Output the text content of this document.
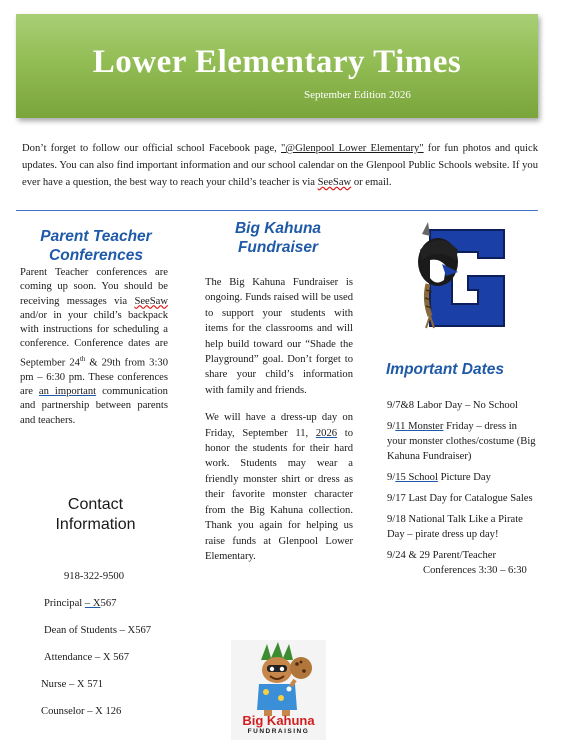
Lower Elementary Times
September Edition 2026
Don’t forget to follow our official school Facebook page, "@Glenpool Lower Elementary" for fun photos and quick updates. You can also find important information and our school calendar on the Glenpool Public Schools website. If you ever have a question, the best way to reach your child’s teacher is via SeeSaw or email.
Parent Teacher Conferences
Parent Teacher conferences are coming up soon. You should be receiving messages via SeeSaw and/or in your child’s backpack with instructions for scheduling a conference. Conference dates are September 24th & 29th from 3:30 pm – 6:30 pm. These conferences are an important communication and partnership between parents and teachers.
Contact Information
918-322-9500
Principal – X567
Dean of Students – X567
Attendance – X 567
Nurse – X 571
Counselor – X 126
Big Kahuna Fundraiser

The Big Kahuna Fundraiser is ongoing. Funds raised will be used to support your students with items for the classrooms and will help build toward our “Shade the Playground” goal. Don’t forget to share your child’s information with family and friends.

We will have a dress-up day on Friday, September 11, 2026 to honor the students for their hard work. Students may wear a friendly monster shirt or dress as their favorite monster character from the Big Kahuna collection. Thank you again for helping us raise funds at Glenpool Lower Elementary.

Big Kahuna
FUNDRAISING
Important Dates
9/7&8 Labor Day – No School
9/11 Monster Friday – dress in your monster clothes/costume (Big Kahuna Fundraiser)
9/15 School Picture Day
9/17 Last Day for Catalogue Sales
9/18 National Talk Like a Pirate Day – pirate dress up day!
9/24 & 29 Parent/Teacher
Conferences 3:30 – 6:30
